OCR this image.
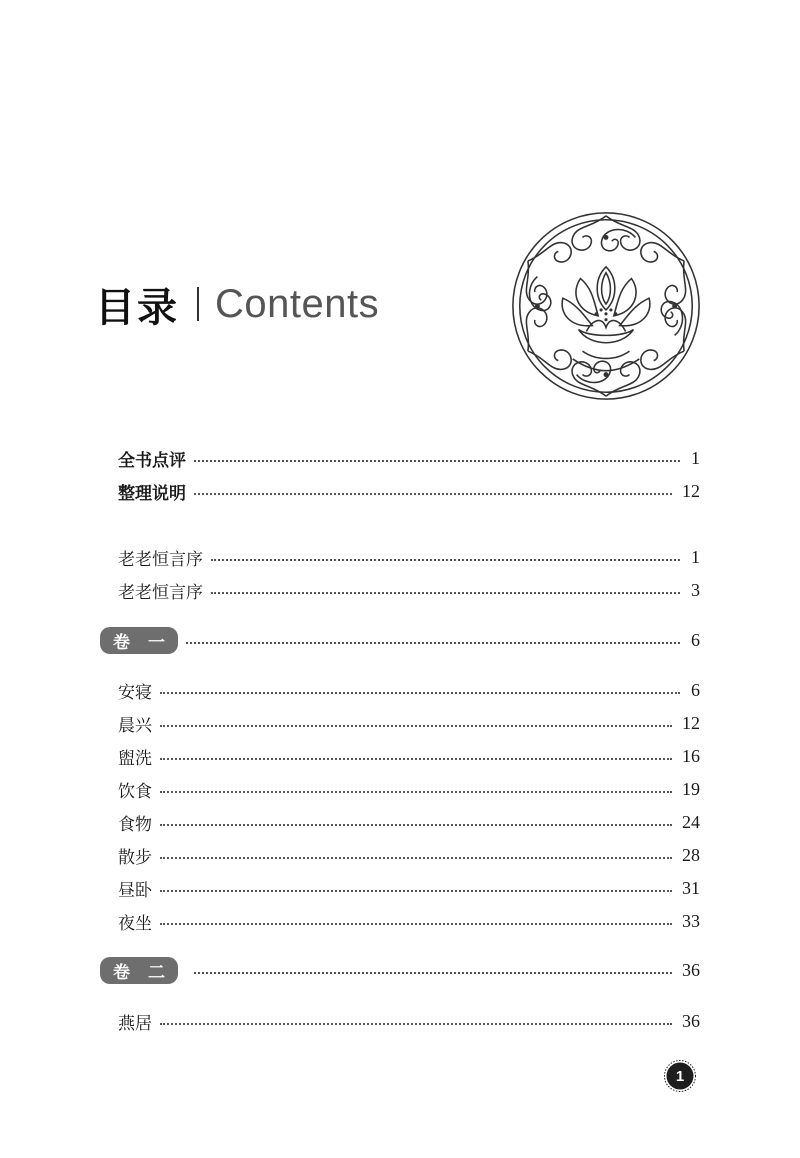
目录 Contents
全书点评	1
整理说明	12
老老恒言序	1
老老恒言序	3
卷 一	6
安寝	6
晨兴	12
盥洗	16
饮食	19
食物	24
散步	28
昼卧	31
夜坐	33
卷 二	36
燕居	36
1
